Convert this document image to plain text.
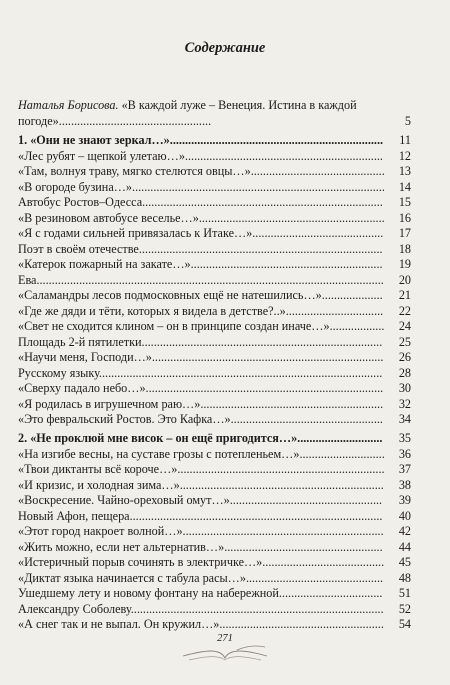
Содержание
Наталья Борисова. «В каждой луже – Венеция. Истина в каждой погоде»..................................................	5
1. «Они не знают зеркал…»......................................................................	11
«Лес рубят – щепкой улетаю…».................................................................	12
«Там, волнуя траву, мягко стелются овцы…»............................................	13
«В огороде бузина…»...................................................................................	14
Автобус Ростов–Одесса...............................................................................	15
«В резиновом автобусе веселье…».............................................................	16
«Я с годами сильней привязалась к Итаке…»...........................................	17
Поэт в своём отечестве................................................................................	18
«Катерок пожарный на закате…»...............................................................	19
Ева..................................................................................................................	20
«Саламандры лесов подмосковных ещё не натешились…»....................	21
«Где же дяди и тёти, которых я видела в детстве?..»................................	22
«Свет не сходится клином – он в принципе создан иначе…»..................	24
Площадь 2-й пятилетки...............................................................................	25
«Научи меня, Господи…»............................................................................	26
Русскому языку.............................................................................................	28
«Сверху падало небо…»..............................................................................	30
«Я родилась в игрушечном раю…»............................................................	32
«Это февральский Ростов. Это Кафка…»..................................................	34
2. «Не проклюй мне висок – он ещё пригодится…»............................	35
«На изгибе весны, на суставе грозы с потепленьем…»............................	36
«Твои диктанты всё короче…»....................................................................	37
«И кризис, и холодная зима…»...................................................................	38
«Воскресение. Чайно-ореховый омут…»..................................................	39
Новый Афон, пещера...................................................................................	40
«Этот город накроет волной…»..................................................................	42
«Жить можно, если нет альтернатив…»....................................................	44
«Истеричный порыв сочинять в электричке…»........................................	45
«Диктат языка начинается с табула расы…».............................................	48
Ушедшему лету и новому фонтану на набережной..................................	51
Александру Соболеву...................................................................................	52
«А снег так и не выпал. Он кружил…»......................................................	54
271
